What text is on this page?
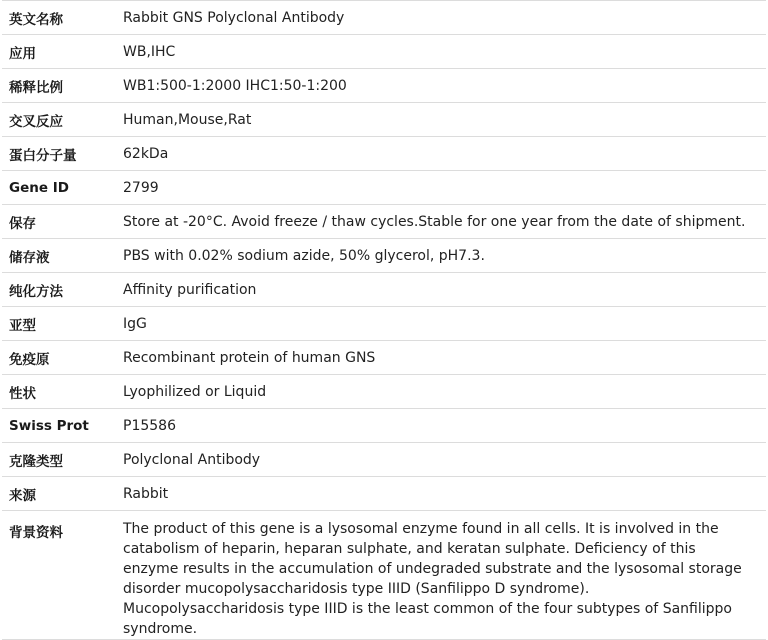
英文名称	Rabbit GNS Polyclonal Antibody
应用	WB,IHC
稀释比例	WB1:500-1:2000 IHC1:50-1:200
交叉反应	Human,Mouse,Rat
蛋白分子量	62kDa
Gene ID	2799
保存	Store at -20°C. Avoid freeze / thaw cycles.Stable for one year from the date of shipment.
储存液	PBS with 0.02% sodium azide, 50% glycerol, pH7.3.
纯化方法	Affinity purification
亚型	IgG
免疫原	Recombinant protein of human GNS
性状	Lyophilized or Liquid
Swiss Prot	P15586
克隆类型	Polyclonal Antibody
来源	Rabbit
背景资料	The product of this gene is a lysosomal enzyme found in all cells. It is involved in the catabolism of heparin, heparan sulphate, and keratan sulphate. Deficiency of this enzyme results in the accumulation of undegraded substrate and the lysosomal storage disorder mucopolysaccharidosis type IIID (Sanfilippo D syndrome). Mucopolysaccharidosis type IIID is the least common of the four subtypes of Sanfilippo syndrome.
